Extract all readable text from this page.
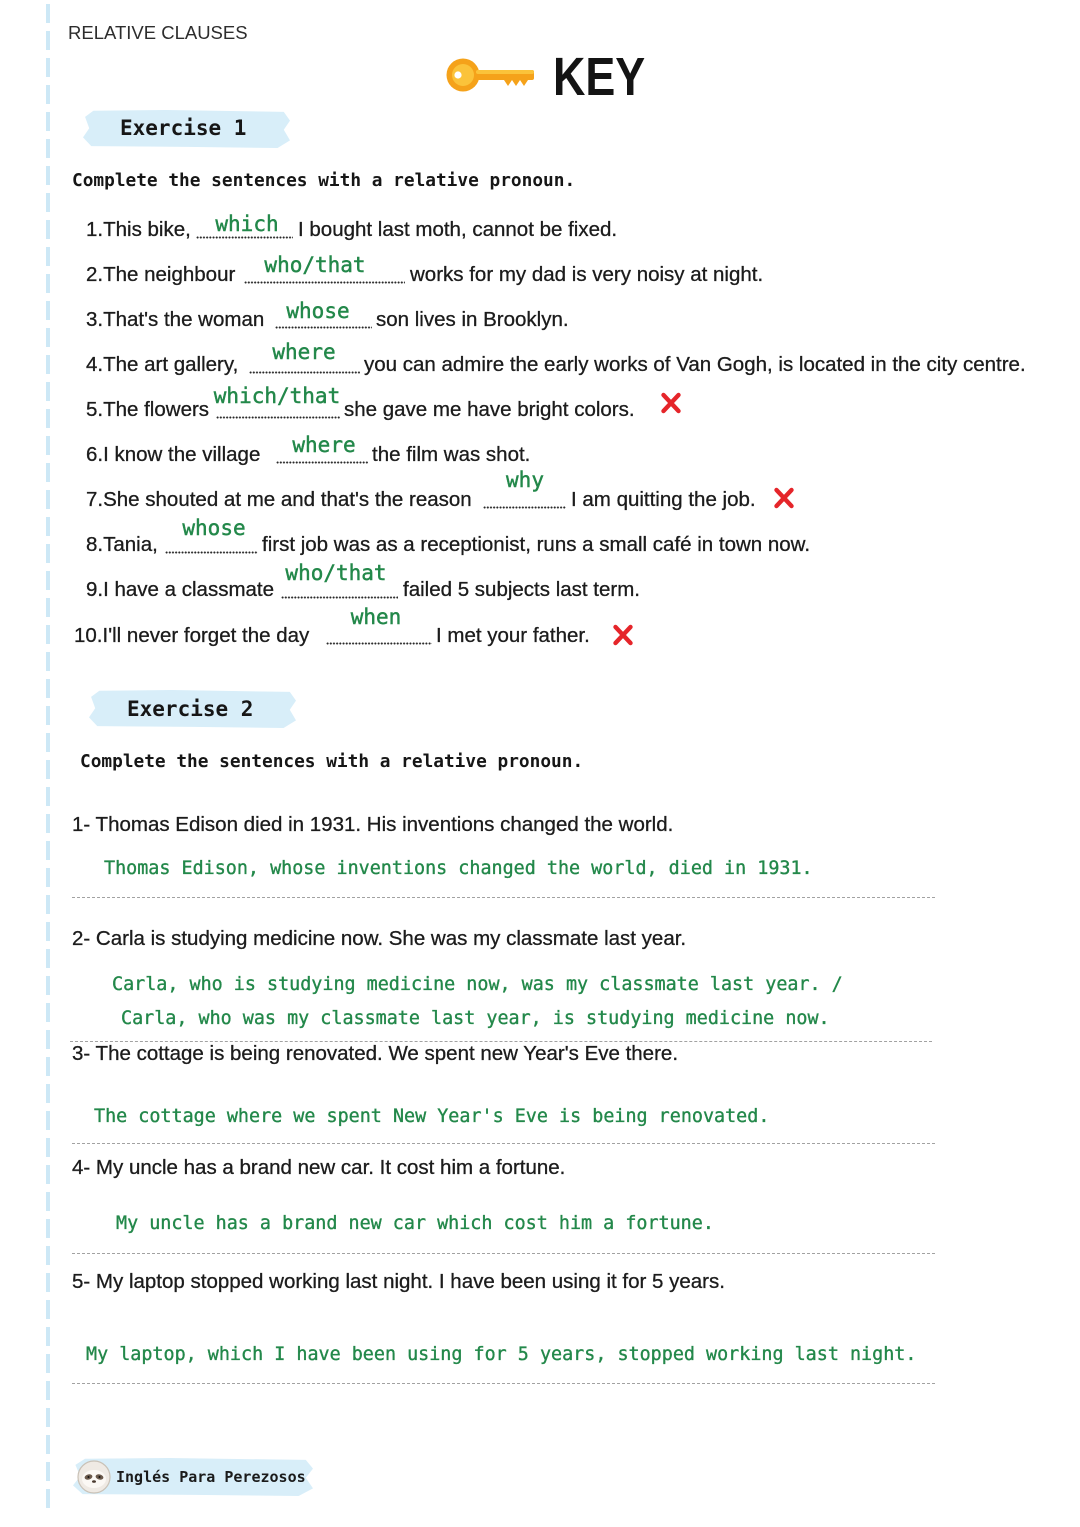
RELATIVE CLAUSES
KEY
Exercise 1
Complete the sentences with a relative pronoun.
1.This bike,	which I bought last moth, cannot be fixed.
2.The neighbour	who/that	works for my dad is very noisy at night.
3.That's the woman	whose	son lives in Brooklyn.
4.The art gallery,
where
you can admire the early works of Van Gogh, is located in the city centre.
5.The flowers
which/that
she gave me have bright colors.
6.I know the village	where the film was shot.
7.She shouted at me and that's the reason
why
I am quitting the job.
8.Tania,
whose
first job was as a receptionist, runs a small café in town now.
9.I have a classmate
who/that
failed 5 subjects last term.
10.I'll never forget the day
when
I met your father.
Exercise 2
Complete the sentences with a relative pronoun.
1- Thomas Edison died in 1931. His inventions changed the world.
Thomas Edison, whose inventions changed the world, died in 1931.
2- Carla is studying medicine now. She was my classmate last year.
Carla, who is studying medicine now, was my classmate last year. /
Carla, who was my classmate last year, is studying medicine now.
3- The cottage is being renovated. We spent new Year's Eve there.
The cottage where we spent New Year's Eve is being renovated.
4- My uncle has a brand new car. It cost him a fortune.
My uncle has a brand new car which cost him a fortune.
5- My laptop stopped working last night. I have been using it for 5 years.
My laptop, which I have been using for 5 years, stopped working last night.
Inglés Para Perezosos
